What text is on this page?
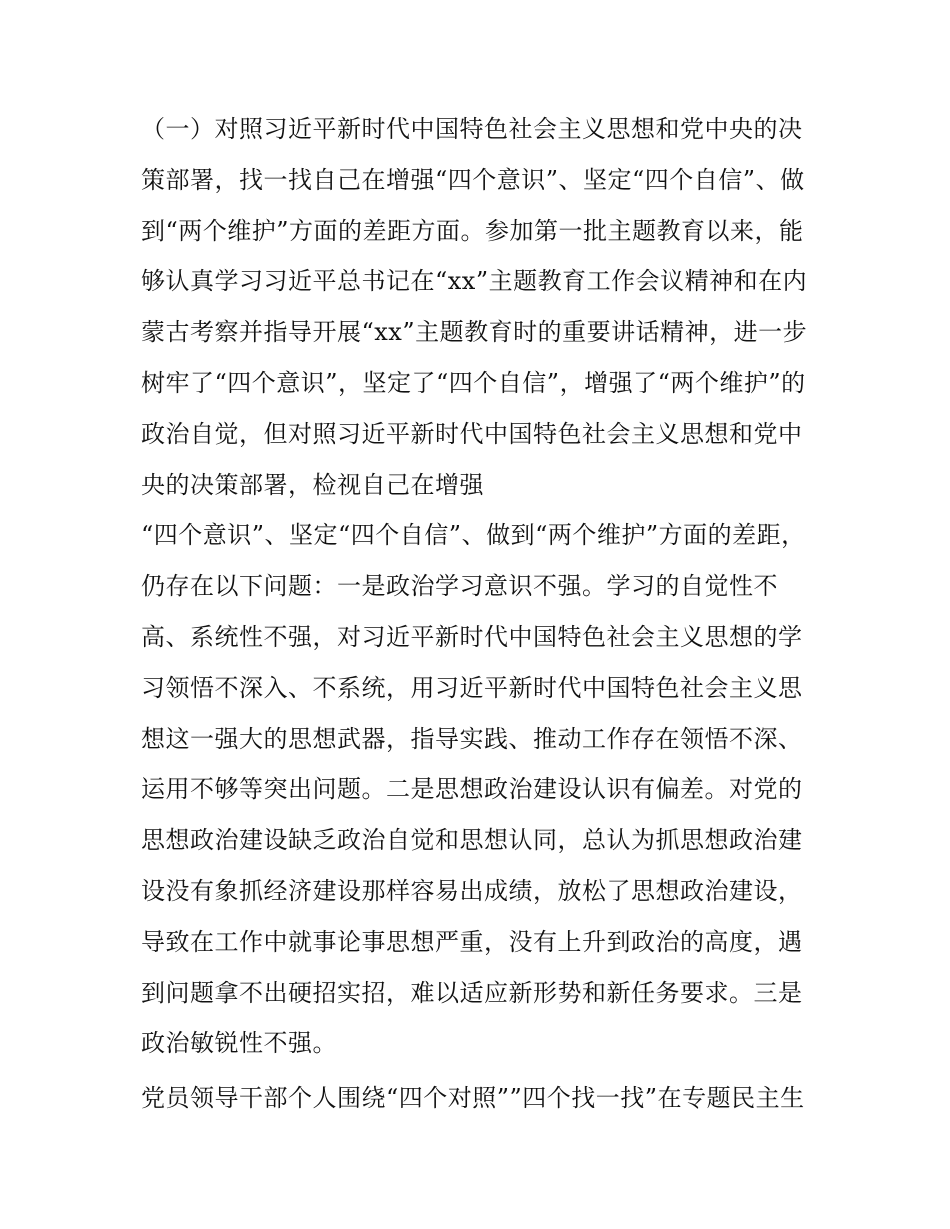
（一）对照习近平新时代中国特色社会主义思想和党中央的决
策部署，找一找自己在增强“四个意识”、坚定“四个自信”、做
到“两个维护”方面的差距方面。参加第一批主题教育以来，能
够认真学习习近平总书记在“xx”主题教育工作会议精神和在内
蒙古考察并指导开展“xx”主题教育时的重要讲话精神，进一步
树牢了“四个意识”，坚定了“四个自信”，增强了“两个维护”的
政治自觉，但对照习近平新时代中国特色社会主义思想和党中
央的决策部署，检视自己在增强
“四个意识”、坚定“四个自信”、做到“两个维护”方面的差距，
仍存在以下问题：一是政治学习意识不强。学习的自觉性不
高、系统性不强，对习近平新时代中国特色社会主义思想的学
习领悟不深入、不系统，用习近平新时代中国特色社会主义思
想这一强大的思想武器，指导实践、推动工作存在领悟不深、
运用不够等突出问题。二是思想政治建设认识有偏差。对党的
思想政治建设缺乏政治自觉和思想认同，总认为抓思想政治建
设没有象抓经济建设那样容易出成绩，放松了思想政治建设，
导致在工作中就事论事思想严重，没有上升到政治的高度，遇
到问题拿不出硬招实招，难以适应新形势和新任务要求。三是
政治敏锐性不强。
党员领导干部个人围绕“四个对照””四个找一找”在专题民主生
